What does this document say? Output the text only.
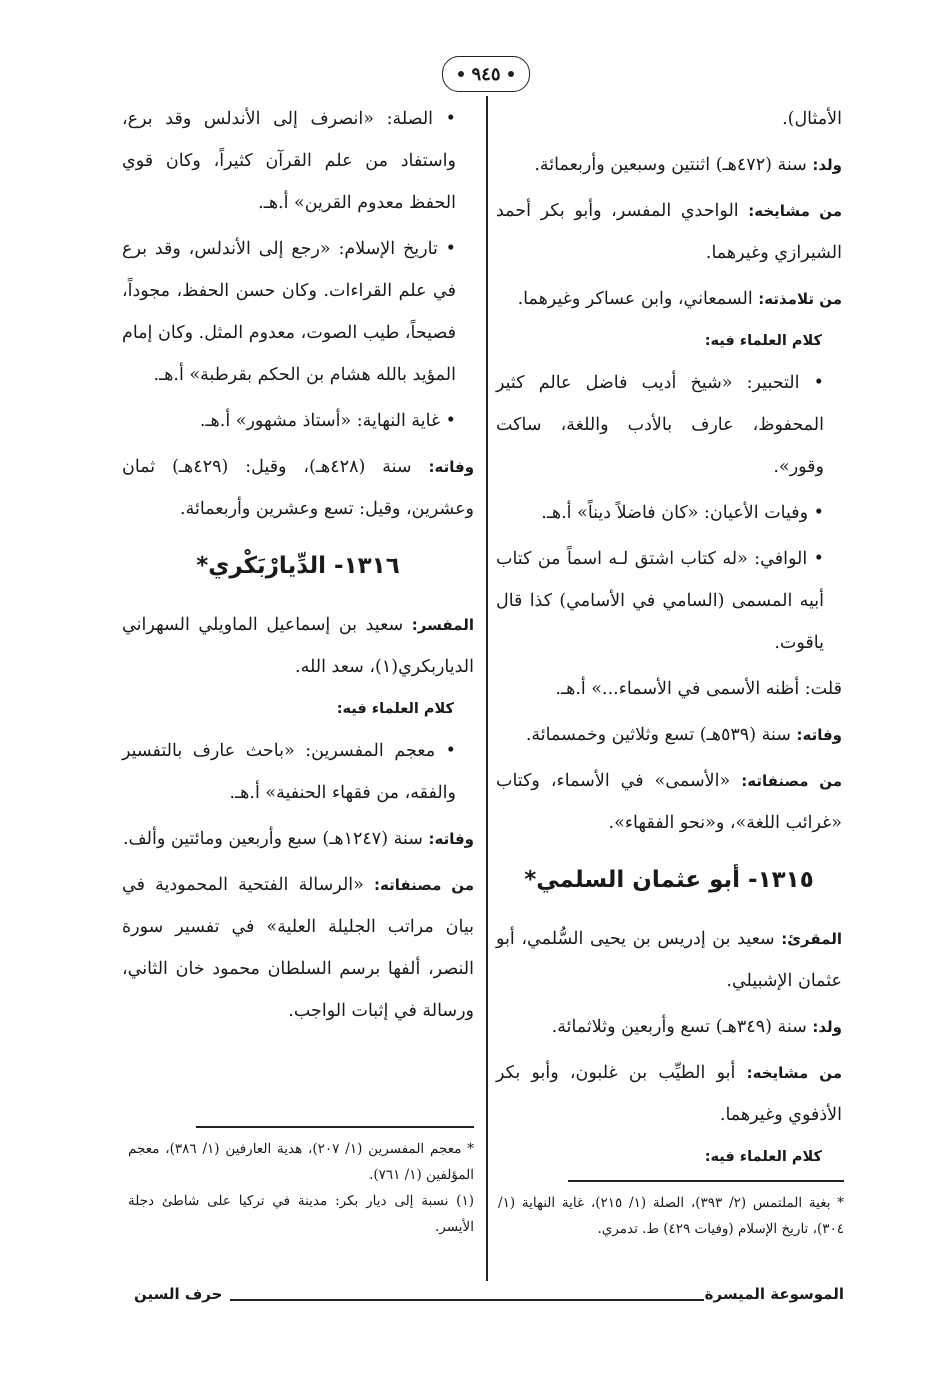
٩٤٥
الأمثال).
ولد: سنة (٤٧٢هـ) اثنتين وسبعين وأربعمائة.
من مشايخه: الواحدي المفسر، وأبو بكر أحمد الشيرازي وغيرهما.
من تلامذته: السمعاني، وابن عساكر وغيرهما.
كلام العلماء فيه:
• التحبير: «شيخ أديب فاضل عالم كثير المحفوظ، عارف بالأدب واللغة، ساكت وقور».
• وفيات الأعيان: «كان فاضلاً ديناً» أ.هـ.
• الوافي: «له كتاب اشتق لـه اسماً من كتاب أبيه المسمى (السامي في الأسامي) كذا قال ياقوت.
قلت: أظنه الأسمى في الأسماء...» أ.هـ.
وفاته: سنة (٥٣٩هـ) تسع وثلاثين وخمسمائة.
من مصنفاته: «الأسمى» في الأسماء، وكتاب «غرائب اللغة»، و«نحو الفقهاء».
١٣١٥- أبو عثمان السلمي*
المقرئ: سعيد بن إدريس بن يحيى السُّلمي، أبو عثمان الإشبيلي.
ولد: سنة (٣٤٩هـ) تسع وأربعين وثلاثمائة.
من مشايخه: أبو الطيِّب بن غلبون، وأبو بكر الأذفوي وغيرهما.
كلام العلماء فيه:
• الصلة: «انصرف إلى الأندلس وقد برع، واستفاد من علم القرآن كثيراً، وكان قوي الحفظ معدوم القرين» أ.هـ.
• تاريخ الإسلام: «رجع إلى الأندلس، وقد برع في علم القراءات. وكان حسن الحفظ، مجوداً، فصيحاً، طيب الصوت، معدوم المثل. وكان إمام المؤيد بالله هشام بن الحكم بقرطبة» أ.هـ.
• غاية النهاية: «أستاذ مشهور» أ.هـ.
وفاته: سنة (٤٢٨هـ)، وقيل: (٤٢٩هـ) ثمان وعشرين، وقيل: تسع وعشرين وأربعمائة.
١٣١٦- الدِّيارْبَكْري*
المفسر: سعيد بن إسماعيل الماويلي السهراني الدياربكري(١)، سعد الله.
كلام العلماء فيه:
• معجم المفسرين: «باحث عارف بالتفسير والفقه، من فقهاء الحنفية» أ.هـ.
وفاته: سنة (١٢٤٧هـ) سبع وأربعين ومائتين وألف.
من مصنفاته: «الرسالة الفتحية المحمودية في بيان مراتب الجليلة العلية» في تفسير سورة النصر، ألفها برسم السلطان محمود خان الثاني، ورسالة في إثبات الواجب.
* بغية الملتمس (٢/ ٣٩٣)، الصلة (١/ ٢١٥)، غاية النهاية (١/ ٣٠٤)، تاريخ الإسلام (وفيات ٤٢٩) ط. تدمري.
* معجم المفسرين (١/ ٢٠٧)، هدية العارفين (١/ ٣٨٦)، معجم المؤلفين (١/ ٧٦١).
(١) نسبة إلى ديار بكر: مدينة في تركيا على شاطئ دجلة الأيسر.
الموسوعة الميسرة
حرف السين
